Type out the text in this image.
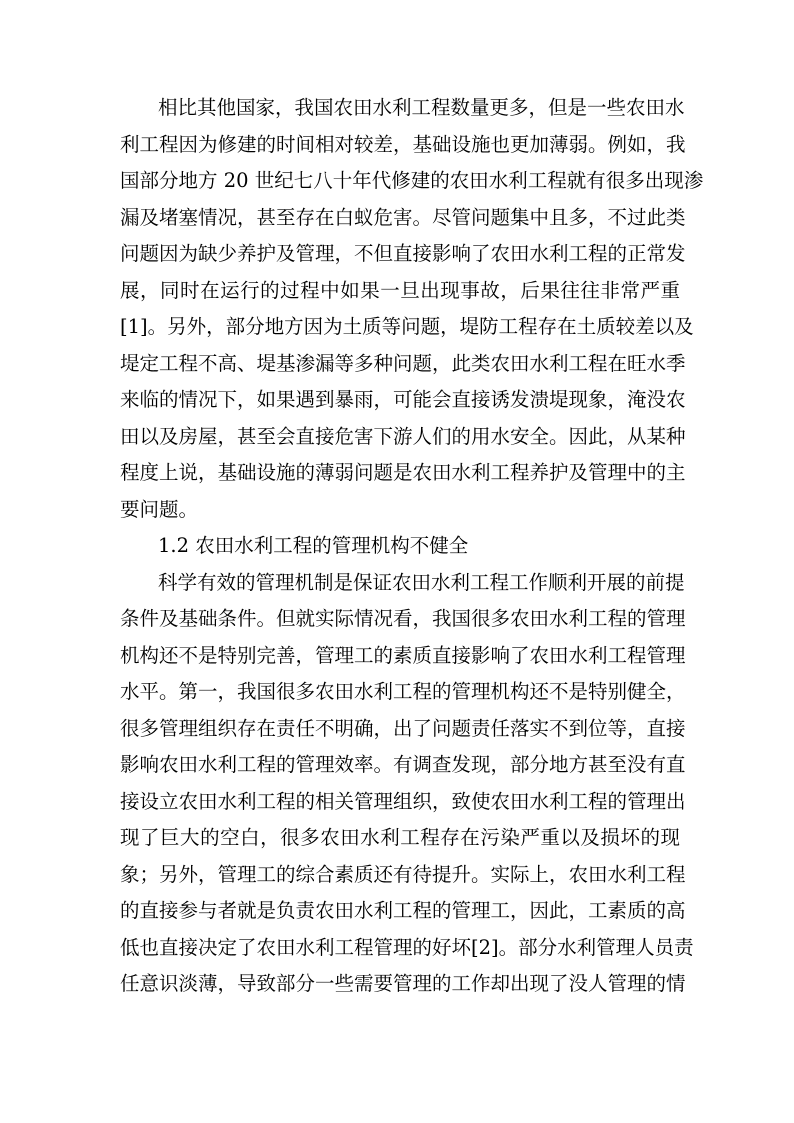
相比其他国家，我国农田水利工程数量更多，但是一些农田水
利工程因为修建的时间相对较差，基础设施也更加薄弱。例如，我
国部分地方 20 世纪七八十年代修建的农田水利工程就有很多出现渗
漏及堵塞情况，甚至存在白蚁危害。尽管问题集中且多，不过此类
问题因为缺少养护及管理，不但直接影响了农田水利工程的正常发
展，同时在运行的过程中如果一旦出现事故，后果往往非常严重
[1]。另外，部分地方因为土质等问题，堤防工程存在土质较差以及
堤定工程不高、堤基渗漏等多种问题，此类农田水利工程在旺水季
来临的情况下，如果遇到暴雨，可能会直接诱发溃堤现象，淹没农
田以及房屋，甚至会直接危害下游人们的用水安全。因此，从某种
程度上说，基础设施的薄弱问题是农田水利工程养护及管理中的主
要问题。
1.2 农田水利工程的管理机构不健全
科学有效的管理机制是保证农田水利工程工作顺利开展的前提
条件及基础条件。但就实际情况看，我国很多农田水利工程的管理
机构还不是特别完善，管理工的素质直接影响了农田水利工程管理
水平。第一，我国很多农田水利工程的管理机构还不是特别健全，
很多管理组织存在责任不明确，出了问题责任落实不到位等，直接
影响农田水利工程的管理效率。有调查发现，部分地方甚至没有直
接设立农田水利工程的相关管理组织，致使农田水利工程的管理出
现了巨大的空白，很多农田水利工程存在污染严重以及损坏的现
象；另外，管理工的综合素质还有待提升。实际上，农田水利工程
的直接参与者就是负责农田水利工程的管理工，因此，工素质的高
低也直接决定了农田水利工程管理的好坏[2]。部分水利管理人员责
任意识淡薄，导致部分一些需要管理的工作却出现了没人管理的情
